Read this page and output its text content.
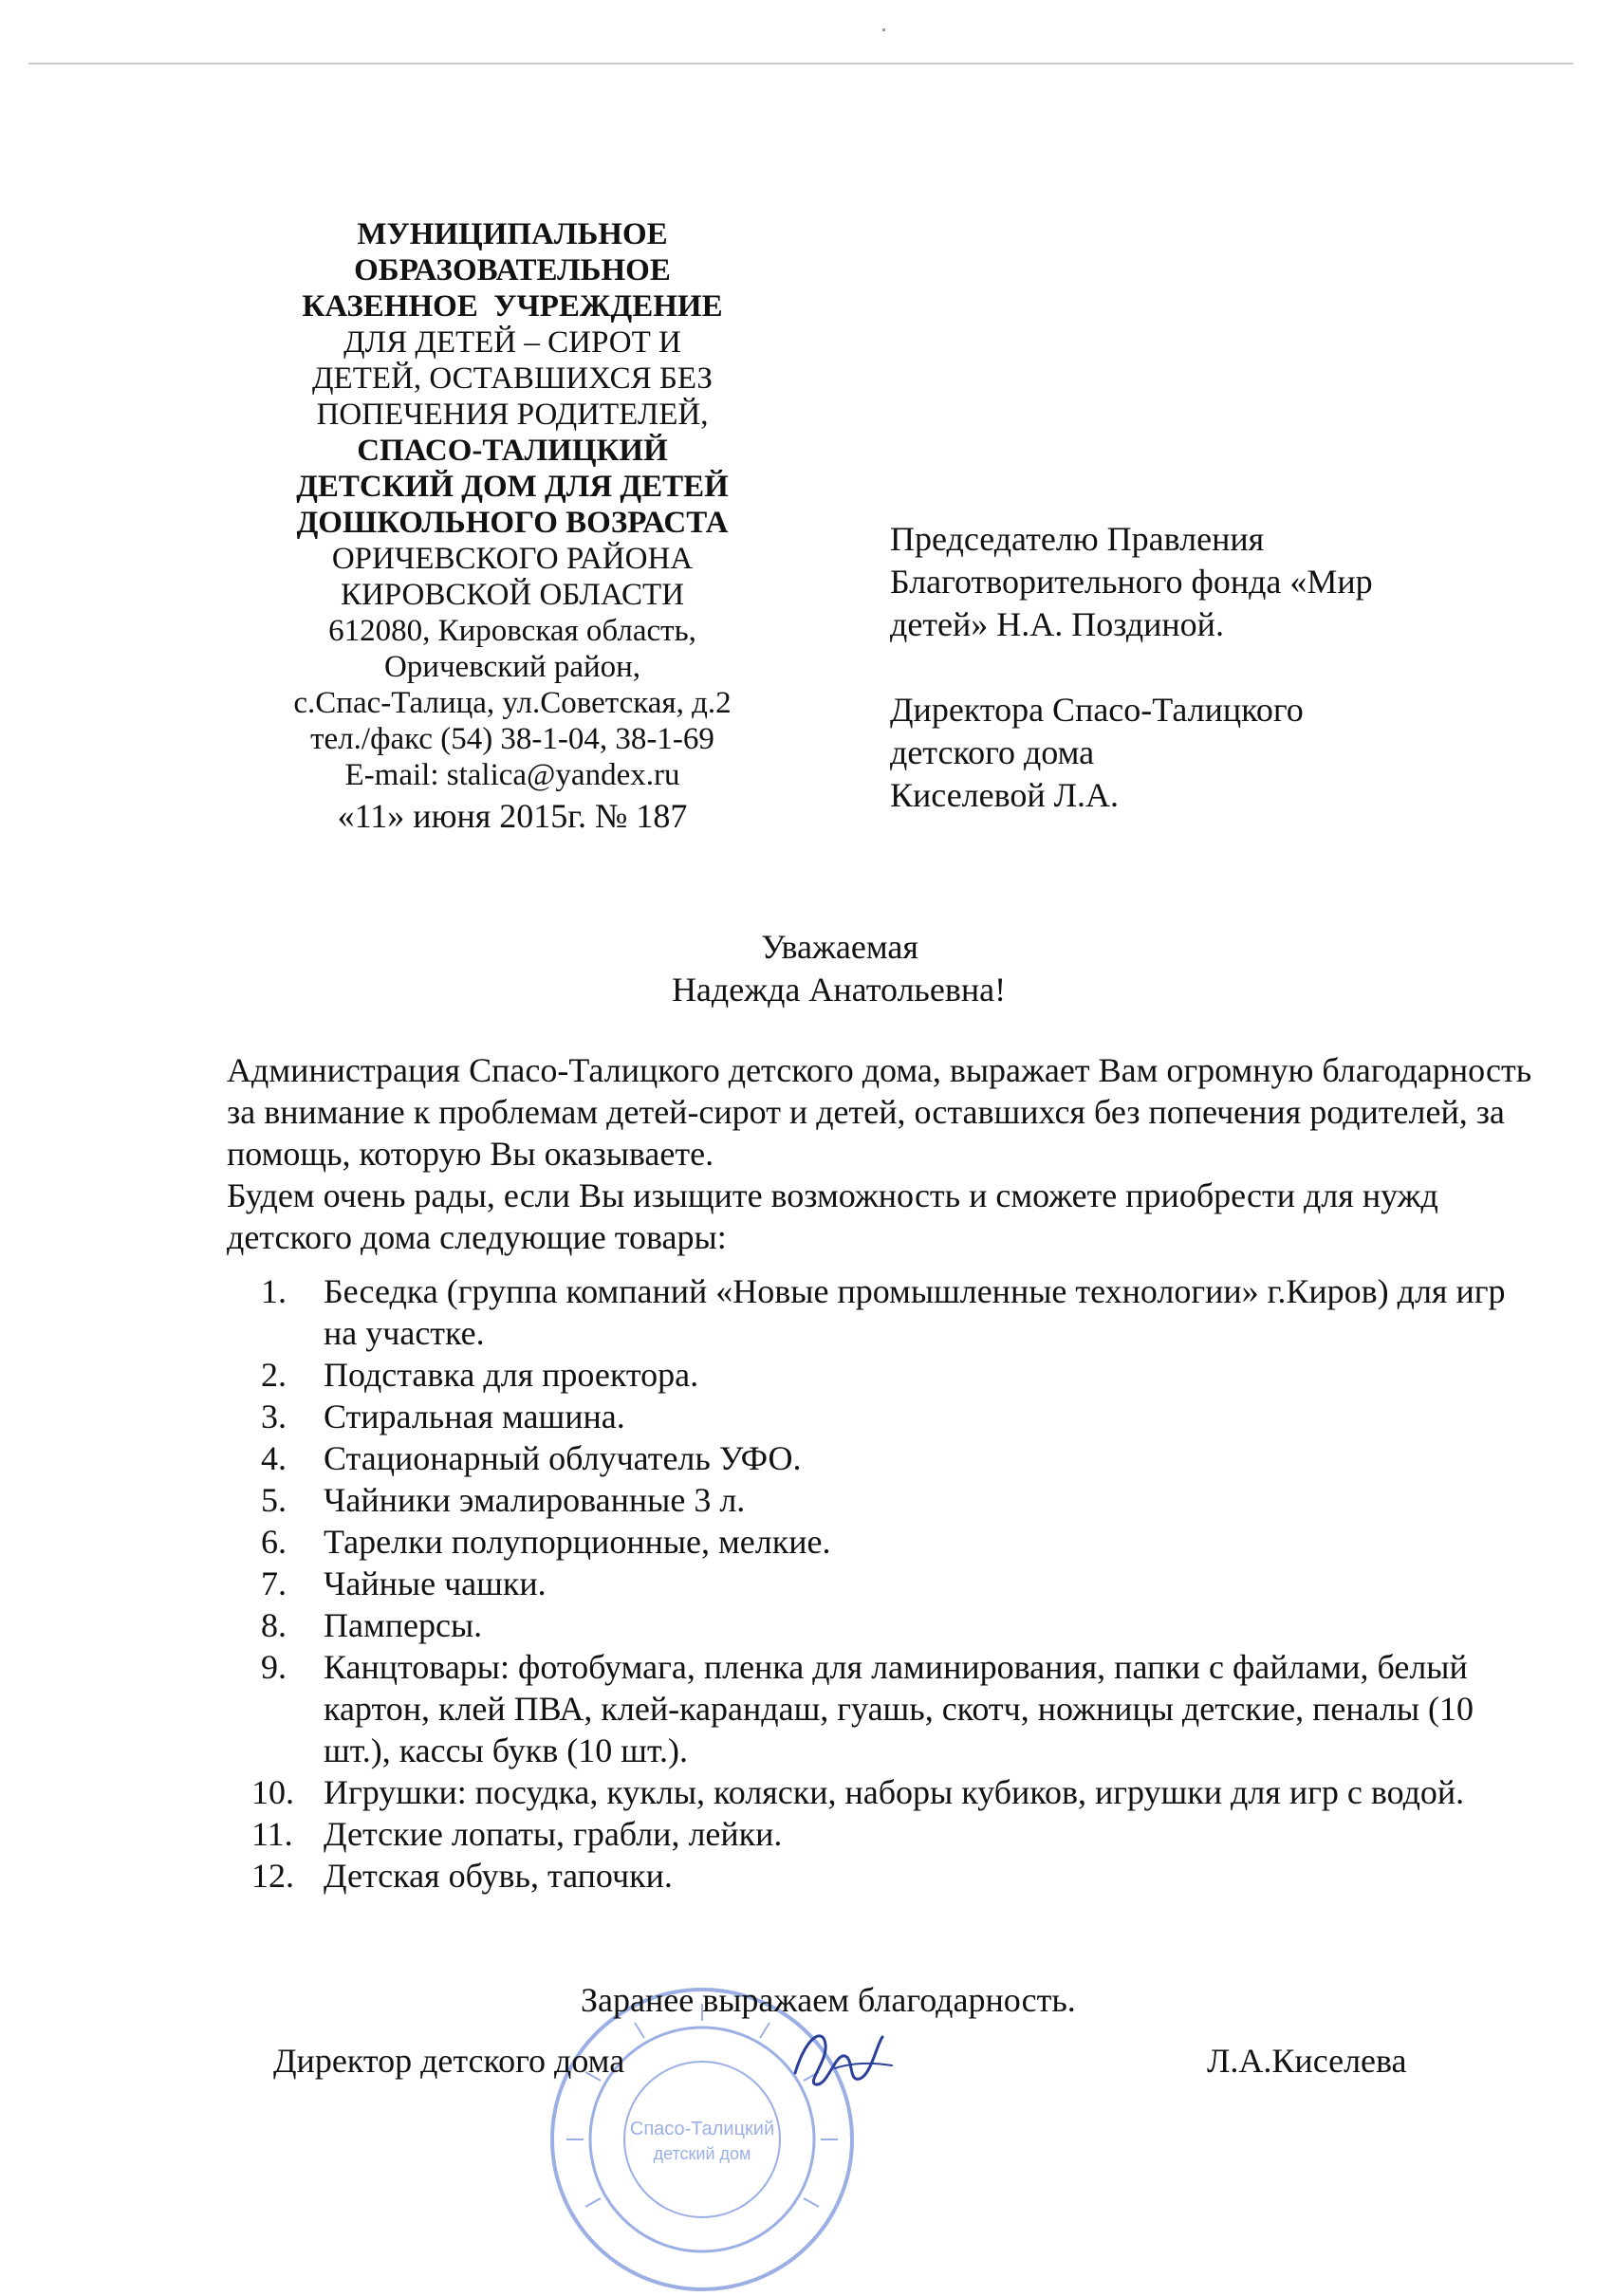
МУНИЦИПАЛЬНОЕ
ОБРАЗОВАТЕЛЬНОЕ
КАЗЕННОЕ  УЧРЕЖДЕНИЕ
ДЛЯ ДЕТЕЙ – СИРОТ И
ДЕТЕЙ, ОСТАВШИХСЯ БЕЗ
ПОПЕЧЕНИЯ РОДИТЕЛЕЙ,
СПАСО-ТАЛИЦКИЙ
ДЕТСКИЙ ДОМ ДЛЯ ДЕТЕЙ
ДОШКОЛЬНОГО ВОЗРАСТА
ОРИЧЕВСКОГО РАЙОНА
КИРОВСКОЙ ОБЛАСТИ
612080, Кировская область,
Оричевский район,
с.Спас-Талица, ул.Советская, д.2
тел./факс (54) 38-1-04, 38-1-69
E-mail: stalica@yandex.ru
«11» июня 2015г. № 187
Председателю Правления
Благотворительного фонда «Мир
детей» Н.А. Поздиной.
Директора Спасо-Талицкого
детского дома
Киселевой Л.А.
Уважаемая
Надежда Анатольевна!
Администрация Спасо-Талицкого детского дома, выражает Вам огромную благодарность за внимание к проблемам детей-сирот и детей, оставшихся без попечения родителей, за помощь, которую Вы оказываете.
Будем очень рады, если Вы изыщите возможность и сможете приобрести для нужд детского дома следующие товары:
1.	Беседка (группа компаний «Новые промышленные технологии» г.Киров) для игр на участке.
2.	Подставка для проектора.
3.	Стиральная машина.
4.	Стационарный облучатель УФО.
5.	Чайники эмалированные 3 л.
6.	Тарелки полупорционные, мелкие.
7.	Чайные чашки.
8.	Памперсы.
9.	Канцтовары: фотобумага, пленка для ламинирования, папки с файлами, белый картон, клей ПВА, клей-карандаш, гуашь, скотч, ножницы детские, пеналы (10 шт.), кассы букв (10 шт.).
10. Игрушки: посудка, куклы, коляски, наборы кубиков, игрушки для игр с водой.
11. Детские лопаты, грабли, лейки.
12. Детская обувь, тапочки.
Спасо-Талицкий
детский дом
Заранее выражаем благодарность.
Директор детского дома	Л.А.Киселева
